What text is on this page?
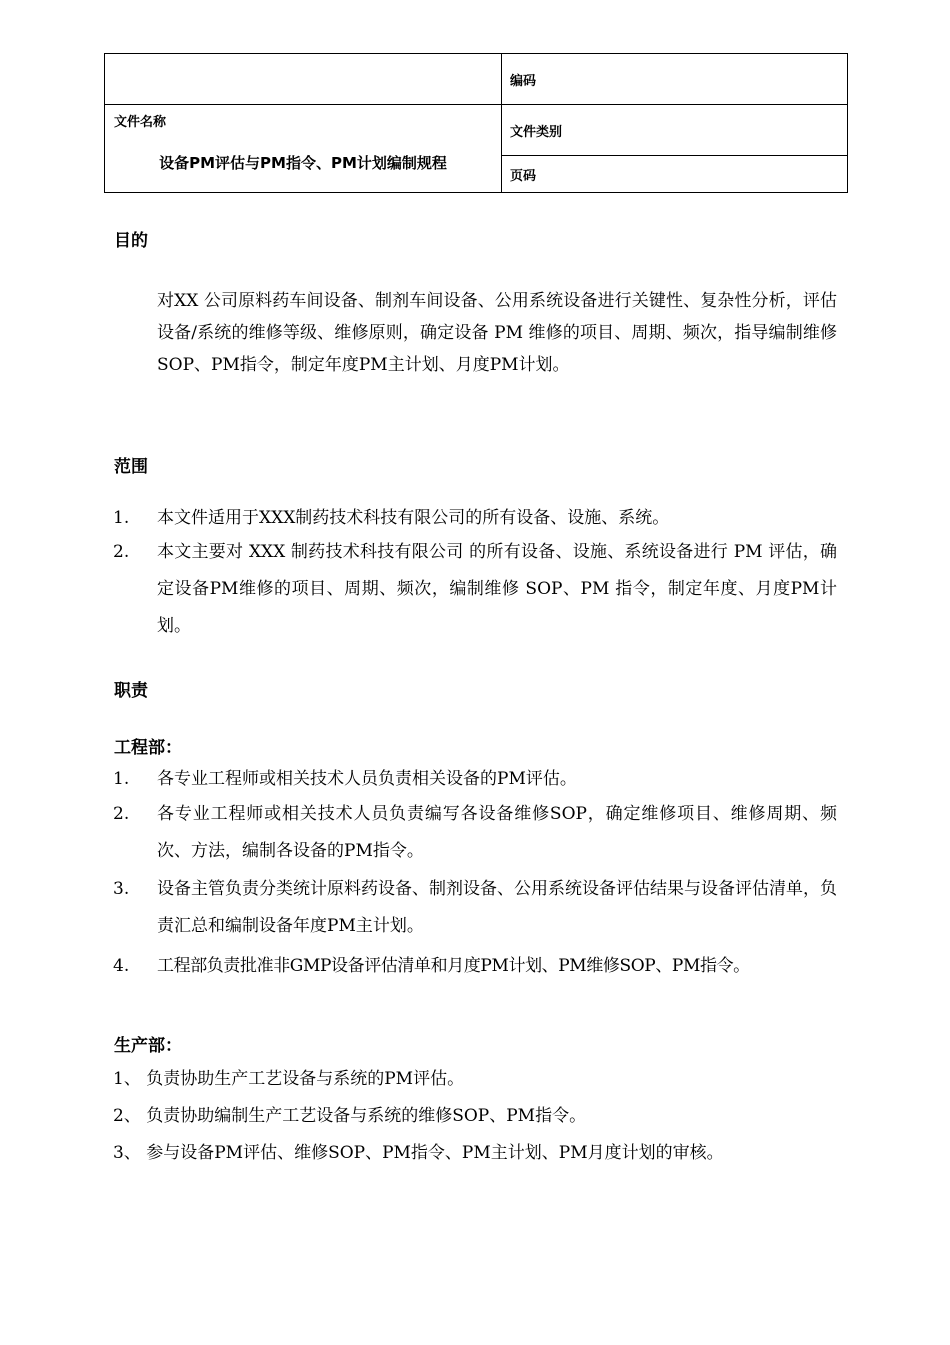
	编码

文件名称
设备PM评估与PM指令、PM计划编制规程	文件类别
	页码
目的
对XX 公司原料药车间设备、制剂车间设备、公用系统设备进行关键性、复杂性分析，评估设备/系统的维修等级、维修原则，确定设备 PM 维修的项目、周期、频次，指导编制维修SOP、PM指令，制定年度PM主计划、月度PM计划。
范围
1. 本文件适用于XXX制药技术科技有限公司的所有设备、设施、系统。
2. 本文主要对 XXX 制药技术科技有限公司 的所有设备、设施、系统设备进行 PM 评估，确定设备PM维修的项目、周期、频次，编制维修 SOP、PM 指令，制定年度、月度PM计划。
职责
工程部：
1. 各专业工程师或相关技术人员负责相关设备的PM评估。
2. 各专业工程师或相关技术人员负责编写各设备维修SOP，确定维修项目、维修周期、频次、方法，编制各设备的PM指令。
3. 设备主管负责分类统计原料药设备、制剂设备、公用系统设备评估结果与设备评估清单，负责汇总和编制设备年度PM主计划。
4. 工程部负责批准非GMP设备评估清单和月度PM计划、PM维修SOP、PM指令。
生产部：
1、 负责协助生产工艺设备与系统的PM评估。
2、 负责协助编制生产工艺设备与系统的维修SOP、PM指令。
3、 参与设备PM评估、维修SOP、PM指令、PM主计划、PM月度计划的审核。
